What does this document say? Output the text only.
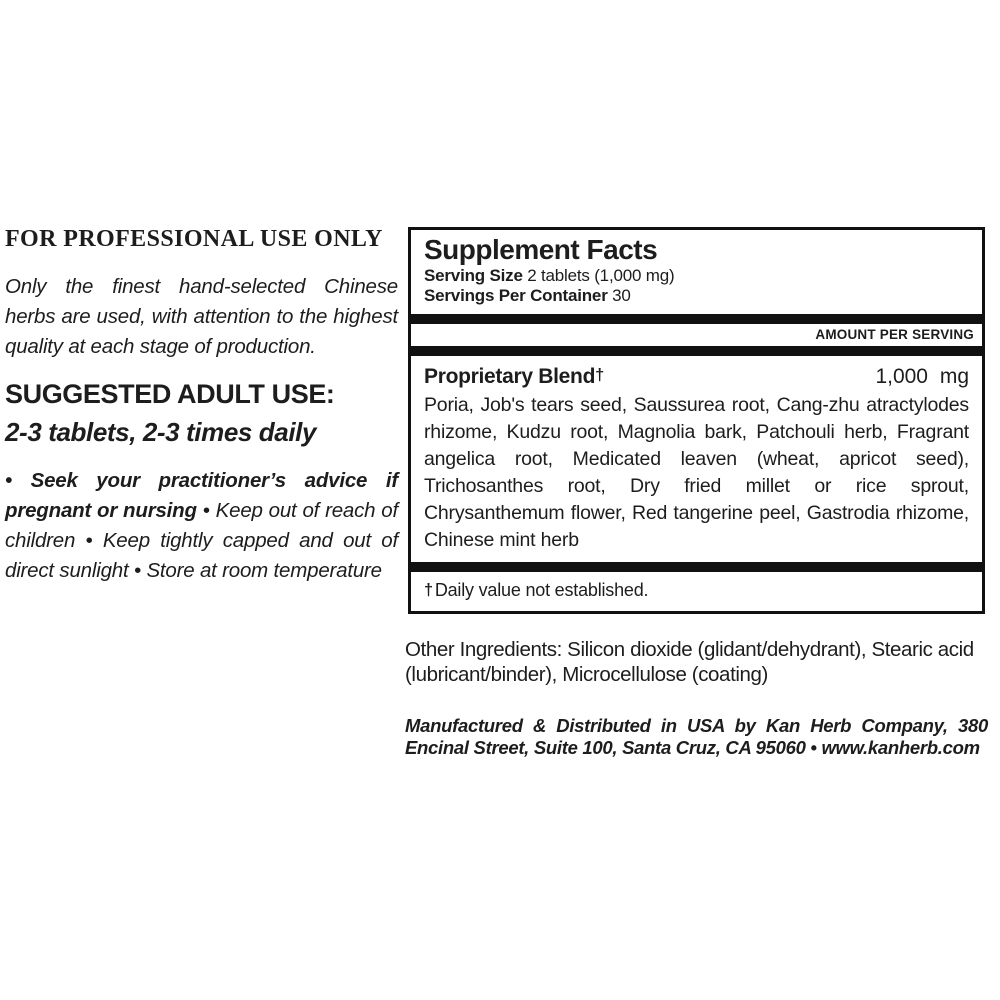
FOR PROFESSIONAL USE ONLY
Only the finest hand-selected Chinese herbs are used, with attention to the highest quality at each stage of production.
SUGGESTED ADULT USE:
2-3 tablets, 2-3 times daily
• Seek your practitioner’s advice if pregnant or nursing • Keep out of reach of children • Keep tightly capped and out of direct sunlight • Store at room temperature
Supplement Facts
Serving Size 2 tablets (1,000 mg)
Servings Per Container 30
AMOUNT PER SERVING
Proprietary Blend†	1,000 mg
Poria, Job's tears seed, Saussurea root, Cang-zhu atractylodes rhizome, Kudzu root, Magnolia bark, Patchouli herb, Fragrant angelica root, Medicated leaven (wheat, apricot seed), Trichosanthes root, Dry fried millet or rice sprout, Chrysanthemum flower, Red tangerine peel, Gastrodia rhizome, Chinese mint herb
† Daily value not established.
Other Ingredients: Silicon dioxide (glidant/dehydrant), Stearic acid (lubricant/binder), Microcellulose (coating)
Manufactured & Distributed in USA by Kan Herb Company, 380 Encinal Street, Suite 100, Santa Cruz, CA 95060 • www.kanherb.com
